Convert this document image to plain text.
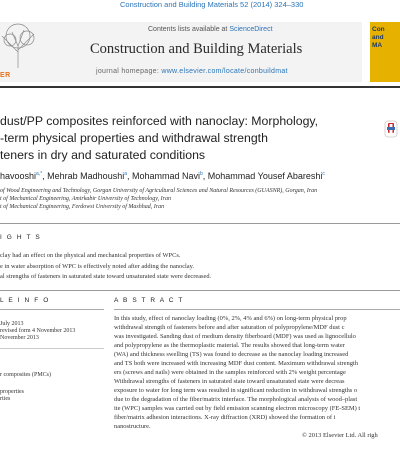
Construction and Building Materials 52 (2014) 324–330
ER
Contents lists available at ScienceDirect
Construction and Building Materials
journal homepage: www.elsevier.com/locate/conbuildmat
Con
and
MA
dust/PP composites reinforced with nanoclay: Morphology,
-term physical properties and withdrawal strength
teners in dry and saturated conditions
havooshi$^{a,*}$, Mehrab Madhoushi$^a$, Mohammad Navi$^b$, Mohammad Yousef Abareshi$^c$
of Wood Engineering and Technology, Gorgan University of Agricultural Sciences and Natural Resources (GUASNR), Gorgan, Iran
t of Mechanical Engineering, Amirkabir University of Technology, Iran
t of Mechanical Engineering, Ferdowsi University of Mashhad, Iran
I G H T S
clay had an effect on the physical and mechanical properties of WPCs.
e in water absorption of WPC is effectively noted after adding the nanoclay.
al strengths of fasteners in saturated state toward unsaturated state were decreased.
L E I N F O	A B S T R A C T
July 2013
revised form 4 November 2013
November 2013
r composites (PMCs)
properties
rties
In this study, effect of nanoclay loading (0%, 2%, 4% and 6%) on long-term physical prop
withdrawal strength of fasteners before and after saturation of polypropylene/MDF dust c
was investigated. Sanding dust of medium density fiberboard (MDF) was used as lignocellulo
and polypropylene as the thermoplastic material. The results showed that long-term water
(WA) and thickness swelling (TS) was found to decrease as the nanoclay loading increased
and TS both were increased with increasing MDF dust content. Maximum withdrawal strength
ers (screws and nails) were obtained in the samples reinforced with 2% weight percentage
Withdrawal strengths of fasteners in saturated state toward unsaturated state were decreas
exposure to water for long term was resulted in significant reduction in withdrawal strengths o
due to the degradation of the fiber/matrix interface. The morphological analysis of wood–plast
ite (WPC) samples was carried out by field emission scanning electron microscopy (FE-SEM) t
fiber/matrix adhesion interactions. X-ray diffraction (XRD) showed the formation of i
nanostructure.
© 2013 Elsevier Ltd. All righ
